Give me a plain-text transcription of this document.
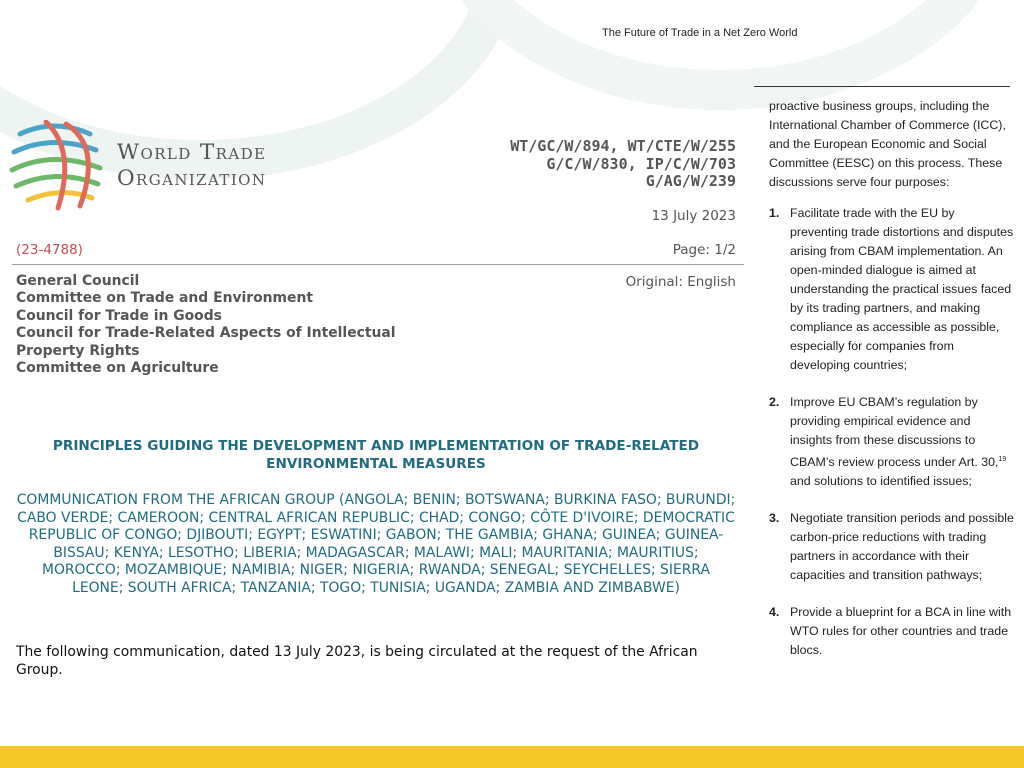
The Future of Trade in a Net Zero World
World Trade
Organization
WT/GC/W/894, WT/CTE/W/255
G/C/W/830, IP/C/W/703
G/AG/W/239
13 July 2023
(23-4788)	Page: 1/2
General Council
Committee on Trade and Environment
Council for Trade in Goods
Council for Trade-Related Aspects of Intellectual
Property Rights
Committee on Agriculture
Original: English
PRINCIPLES GUIDING THE DEVELOPMENT AND IMPLEMENTATION OF TRADE-RELATED ENVIRONMENTAL MEASURES
COMMUNICATION FROM THE AFRICAN GROUP (ANGOLA; BENIN; BOTSWANA; BURKINA FASO; BURUNDI; CABO VERDE; CAMEROON; CENTRAL AFRICAN REPUBLIC; CHAD; CONGO; CÔTE D'IVOIRE; DEMOCRATIC REPUBLIC OF CONGO; DJIBOUTI; EGYPT; ESWATINI; GABON; THE GAMBIA; GHANA; GUINEA; GUINEA-BISSAU; KENYA; LESOTHO; LIBERIA; MADAGASCAR; MALAWI; MALI; MAURITANIA; MAURITIUS; MOROCCO; MOZAMBIQUE; NAMIBIA; NIGER; NIGERIA; RWANDA; SENEGAL; SEYCHELLES; SIERRA LEONE; SOUTH AFRICA; TANZANIA; TOGO; TUNISIA; UGANDA; ZAMBIA AND ZIMBABWE)
The following communication, dated 13 July 2023, is being circulated at the request of the African Group.

proactive business groups, including the International Chamber of Commerce (ICC), and the European Economic and Social Committee (EESC) on this process. These discussions serve four purposes:

1. Facilitate trade with the EU by preventing trade distortions and disputes arising from CBAM implementation. An open-minded dialogue is aimed at understanding the practical issues faced by its trading partners, and making compliance as accessible as possible, especially for companies from developing countries;
2. Improve EU CBAM’s regulation by providing empirical evidence and insights from these discussions to CBAM’s review process under Art. 30,19 and solutions to identified issues;
3. Negotiate transition periods and possible carbon-price reductions with trading partners in accordance with their capacities and transition pathways;
4. Provide a blueprint for a BCA in line with WTO rules for other countries and trade blocs.
